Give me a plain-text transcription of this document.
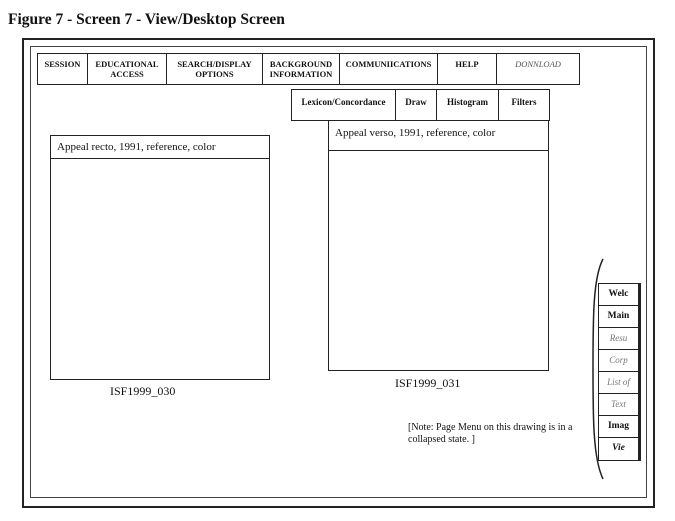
Figure 7 - Screen 7 - View/Desktop Screen
SESSION	EDUCATIONAL
ACCESS
SEARCH/DISPLAY
OPTIONS
BACKGROUND
INFORMATION
COMMUNIICATIONS	HELP	DONNLOAD
Lexicon/Concordance	Draw	Histogram	Filters
Appeal recto, 1991, reference, color
ISF1999_030
Appeal verso, 1991, reference, color
ISF1999_031
[Note: Page Menu on this drawing is in a collapsed state. ]
Welc
Main
Resu
Corp
List of
Text
Imag
Vie
